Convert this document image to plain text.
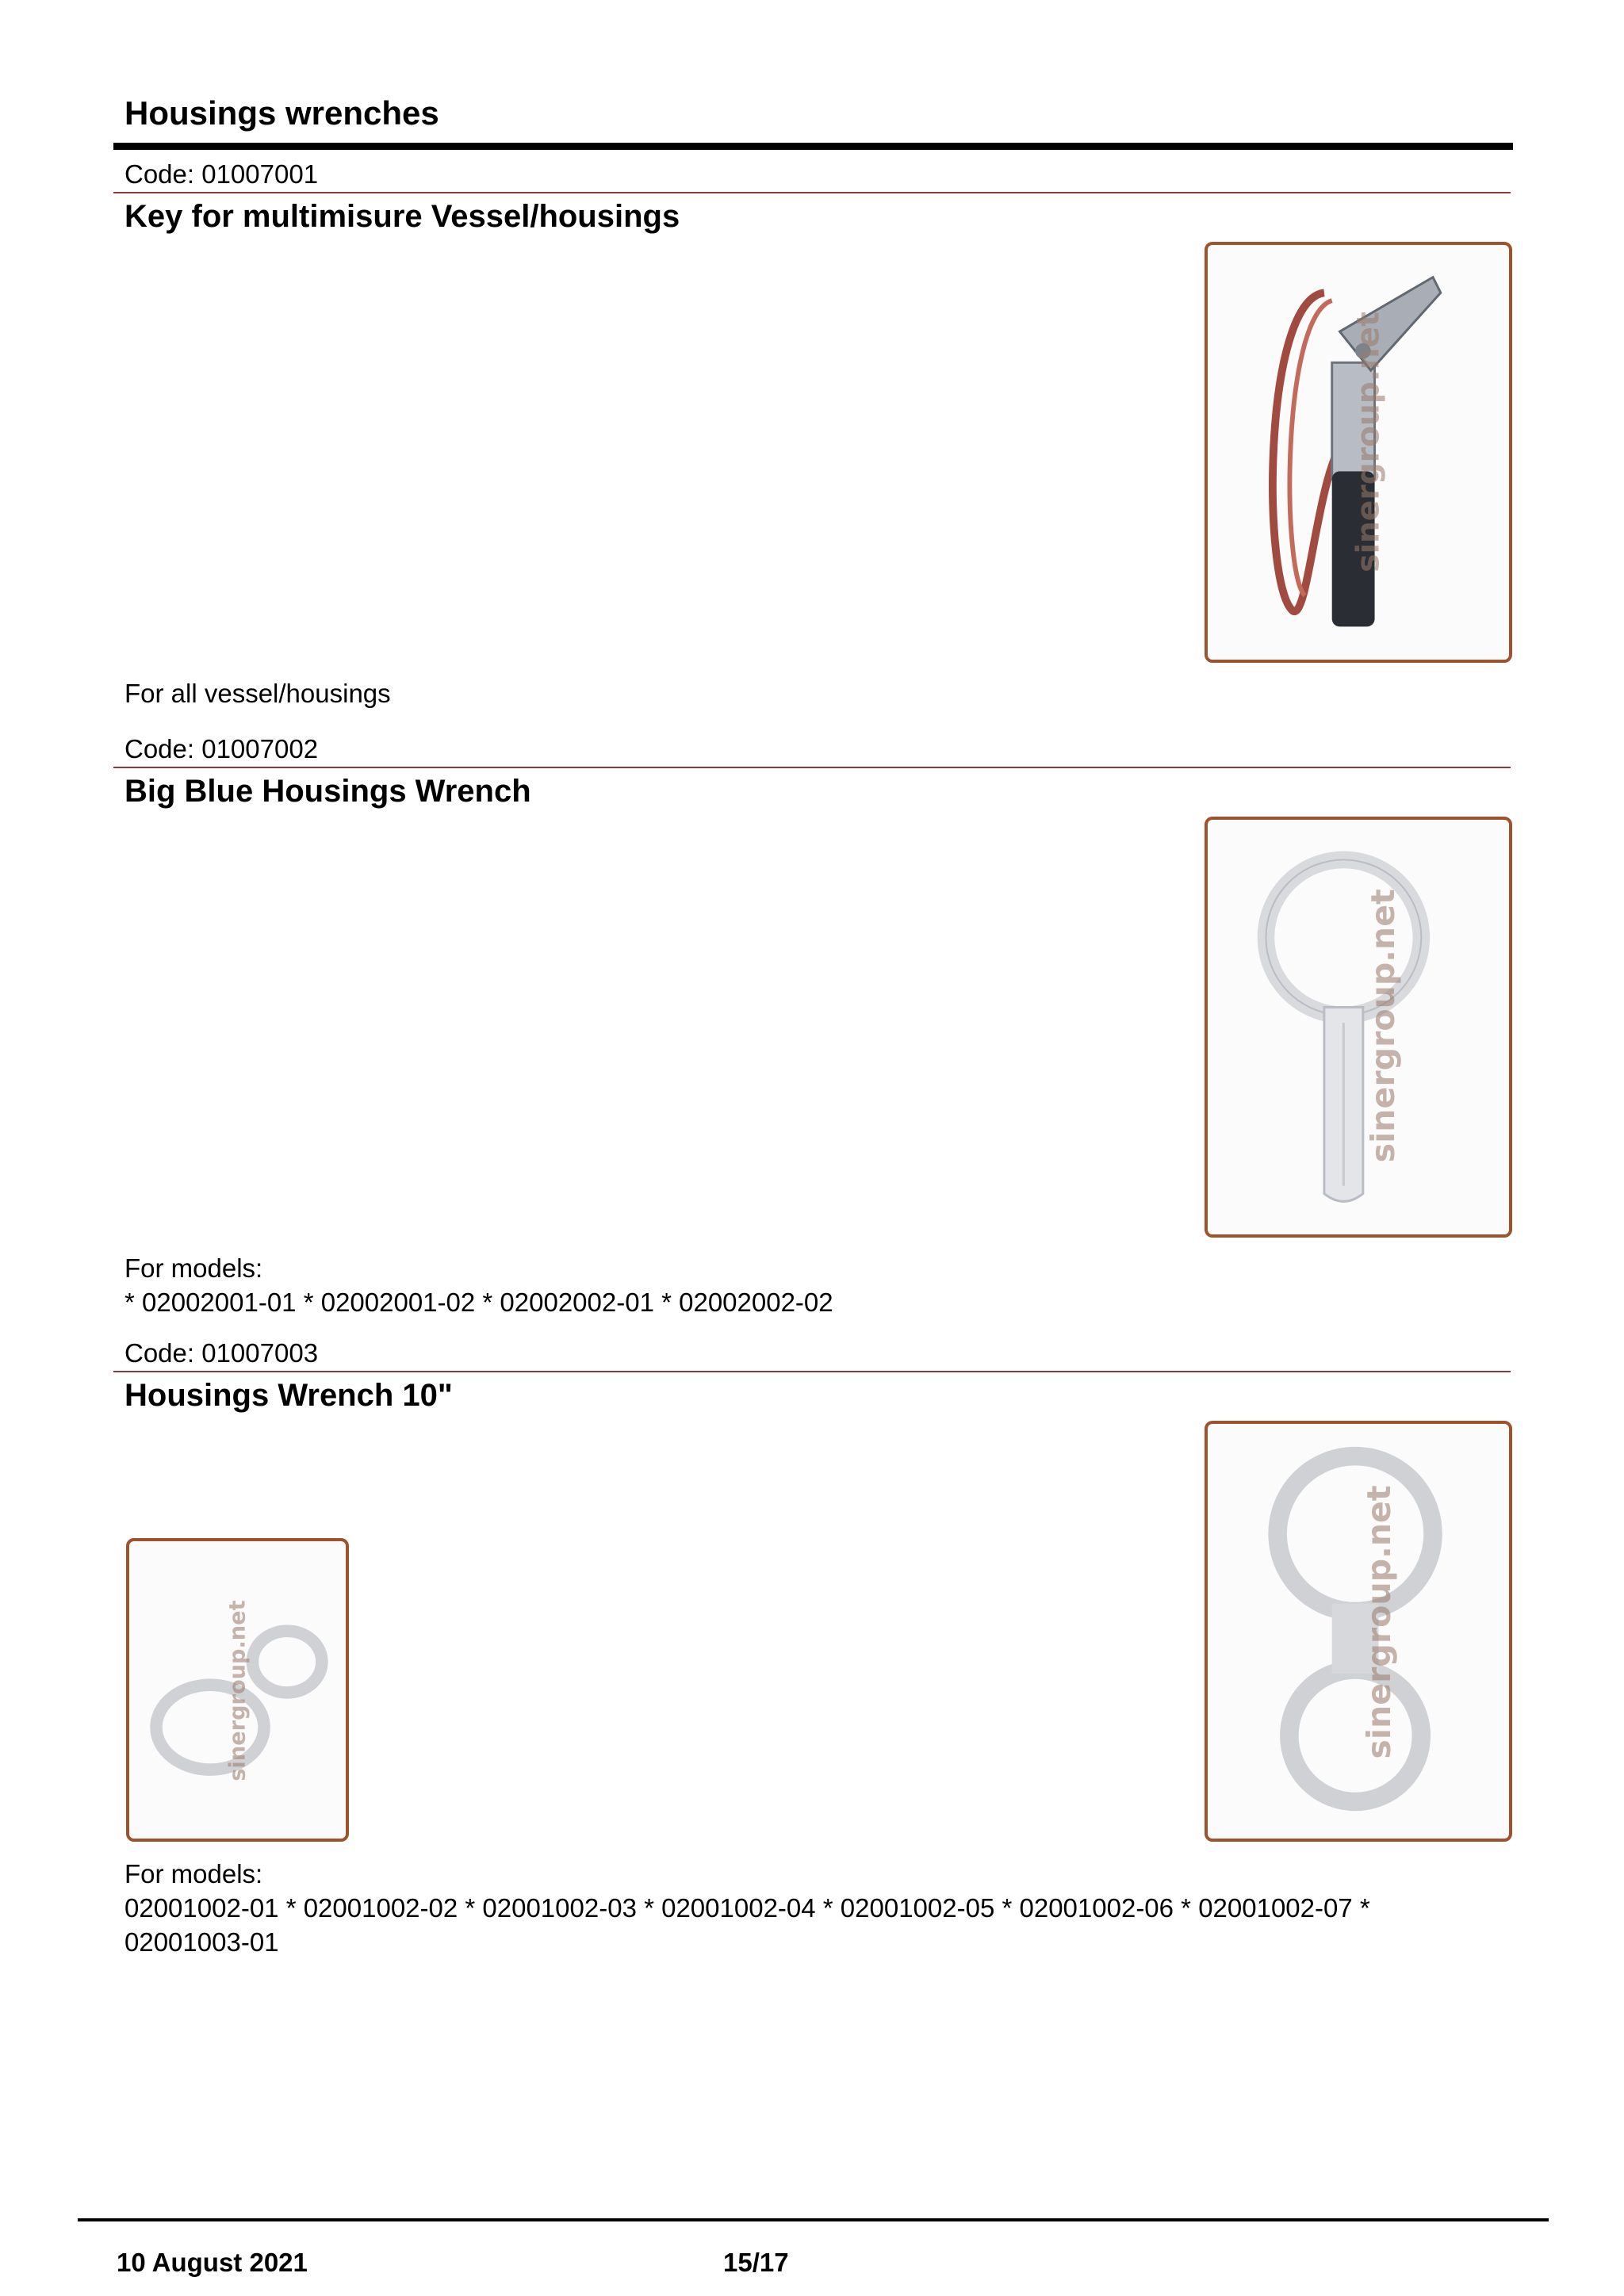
Housings wrenches
Code: 01007001
Key for multimisure Vessel/housings
sinergroup.net
For all vessel/housings
Code: 01007002
Big Blue Housings Wrench
sinergroup.net
For models:
* 02002001-01 * 02002001-02 * 02002002-01 * 02002002-02
Code: 01007003
Housings Wrench 10"
sinergroup.net	sinergroup.net
For models:
02001002-01 * 02001002-02 * 02001002-03 * 02001002-04 * 02001002-05 * 02001002-06 * 02001002-07 *
02001003-01
10 August 2021	15/17
